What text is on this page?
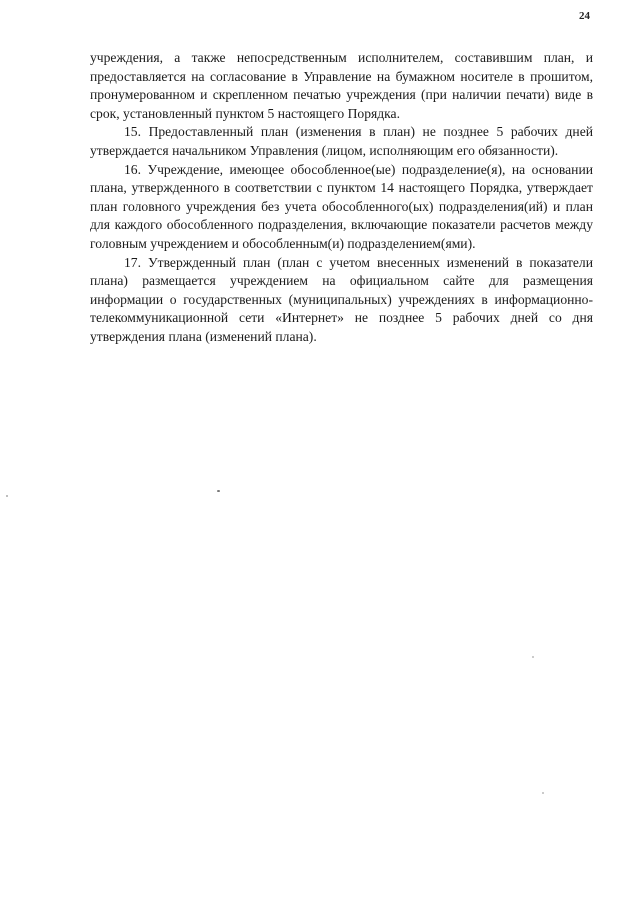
24

учреждения, а также непосредственным исполнителем, составившим план, и предоставляется на согласование в Управление на бумажном носителе в прошитом, пронумерованном и скрепленном печатью учреждения (при наличии печати) виде в срок, установленный пунктом 5 настоящего Порядка.

15. Предоставленный план (изменения в план) не позднее 5 рабочих дней утверждается начальником Управления (лицом, исполняющим его обязанности).

16. Учреждение, имеющее обособленное(ые) подразделение(я), на основании плана, утвержденного в соответствии с пунктом 14 настоящего Порядка, утверждает план головного учреждения без учета обособленного(ых) подразделения(ий) и план для каждого обособленного подразделения, включающие показатели расчетов между головным учреждением и обособленным(и) подразделением(ями).

17. Утвержденный план (план с учетом внесенных изменений в показатели плана) размещается учреждением на официальном сайте для размещения информации о государственных (муниципальных) учреждениях в информационно-телекоммуникационной сети «Интернет» не позднее 5 рабочих дней со дня утверждения плана (изменений плана).
